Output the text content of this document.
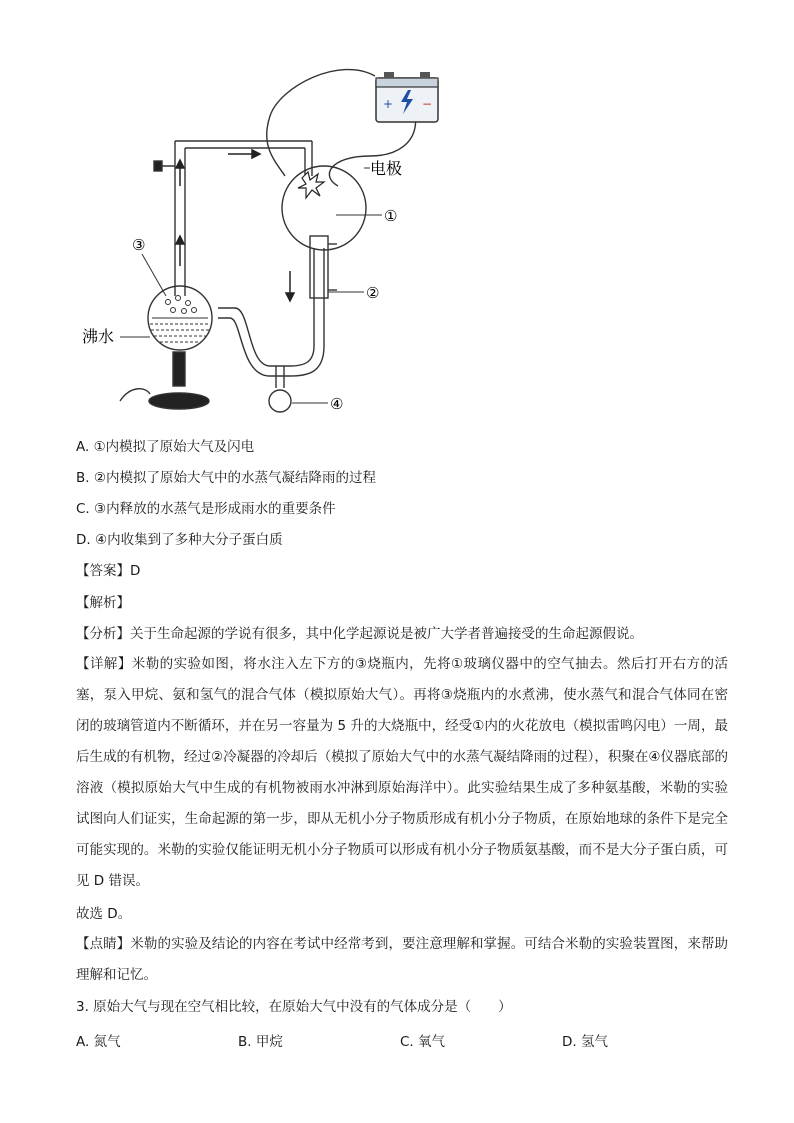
+ −
电极
①
②
③
④
沸水
A. ①内模拟了原始大气及闪电
B. ②内模拟了原始大气中的水蒸气凝结降雨的过程
C. ③内释放的水蒸气是形成雨水的重要条件
D. ④内收集到了多种大分子蛋白质
【答案】D
【解析】
【分析】关于生命起源的学说有很多，其中化学起源说是被广大学者普遍接受的生命起源假说。
【详解】米勒的实验如图，将水注入左下方的③烧瓶内，先将①玻璃仪器中的空气抽去。然后打开右方的活塞，泵入甲烷、氨和氢气的混合气体（模拟原始大气）。再将③烧瓶内的水煮沸，使水蒸气和混合气体同在密闭的玻璃管道内不断循环，并在另一容量为 5 升的大烧瓶中，经受①内的火花放电（模拟雷鸣闪电）一周，最后生成的有机物，经过②冷凝器的冷却后（模拟了原始大气中的水蒸气凝结降雨的过程），积聚在④仪器底部的溶液（模拟原始大气中生成的有机物被雨水冲淋到原始海洋中）。此实验结果生成了多种氨基酸，米勒的实验试图向人们证实，生命起源的第一步，即从无机小分子物质形成有机小分子物质，在原始地球的条件下是完全可能实现的。米勒的实验仅能证明无机小分子物质可以形成有机小分子物质氨基酸，而不是大分子蛋白质，可见 D 错误。
故选 D。
【点睛】米勒的实验及结论的内容在考试中经常考到，要注意理解和掌握。可结合米勒的实验装置图，来帮助理解和记忆。
3. 原始大气与现在空气相比较，在原始大气中没有的气体成分是（　　）
A. 氮气	B. 甲烷	C. 氧气	D. 氢气
